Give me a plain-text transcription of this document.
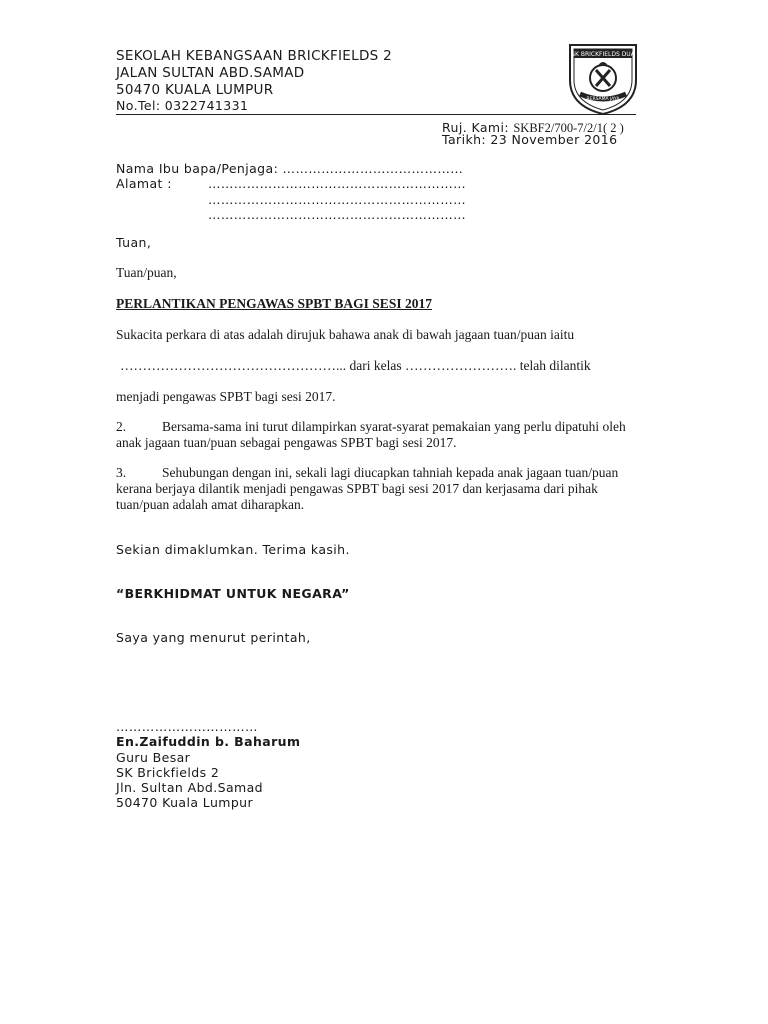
SEKOLAH KEBANGSAAN BRICKFIELDS 2
JALAN SULTAN ABD.SAMAD
50470 KUALA LUMPUR
No.Tel: 0322741331
SK BRICKFIELDS DUA
BERSAMA JAYA
Ruj. Kami: SKBF2/700-7/2/1( 2 )
Tarikh: 23 November 2016
Nama Ibu bapa/Penjaga: ……………………………………
Alamat :	……………………………………………………
……………………………………………………
……………………………………………………
Tuan,
Tuan/puan,
PERLANTIKAN PENGAWAS SPBT BAGI SESI 2017
Sukacita perkara di atas adalah dirujuk bahawa anak di bawah jagaan tuan/puan iaitu
…………………………………………... dari kelas ……………………. telah dilantik
menjadi pengawas SPBT bagi sesi 2017.
2.	Bersama-sama ini turut dilampirkan syarat-syarat pemakaian yang perlu dipatuhi oleh
anak jagaan tuan/puan sebagai pengawas SPBT bagi sesi 2017.
3.	Sehubungan dengan ini, sekali lagi diucapkan tahniah kepada anak jagaan tuan/puan
kerana berjaya dilantik menjadi pengawas SPBT bagi sesi 2017 dan kerjasama dari pihak
tuan/puan adalah amat diharapkan.
Sekian dimaklumkan. Terima kasih.
“BERKHIDMAT UNTUK NEGARA”
Saya yang menurut perintah,
……………………………
En.Zaifuddin b. Baharum
Guru Besar
SK Brickfields 2
Jln. Sultan Abd.Samad
50470 Kuala Lumpur
